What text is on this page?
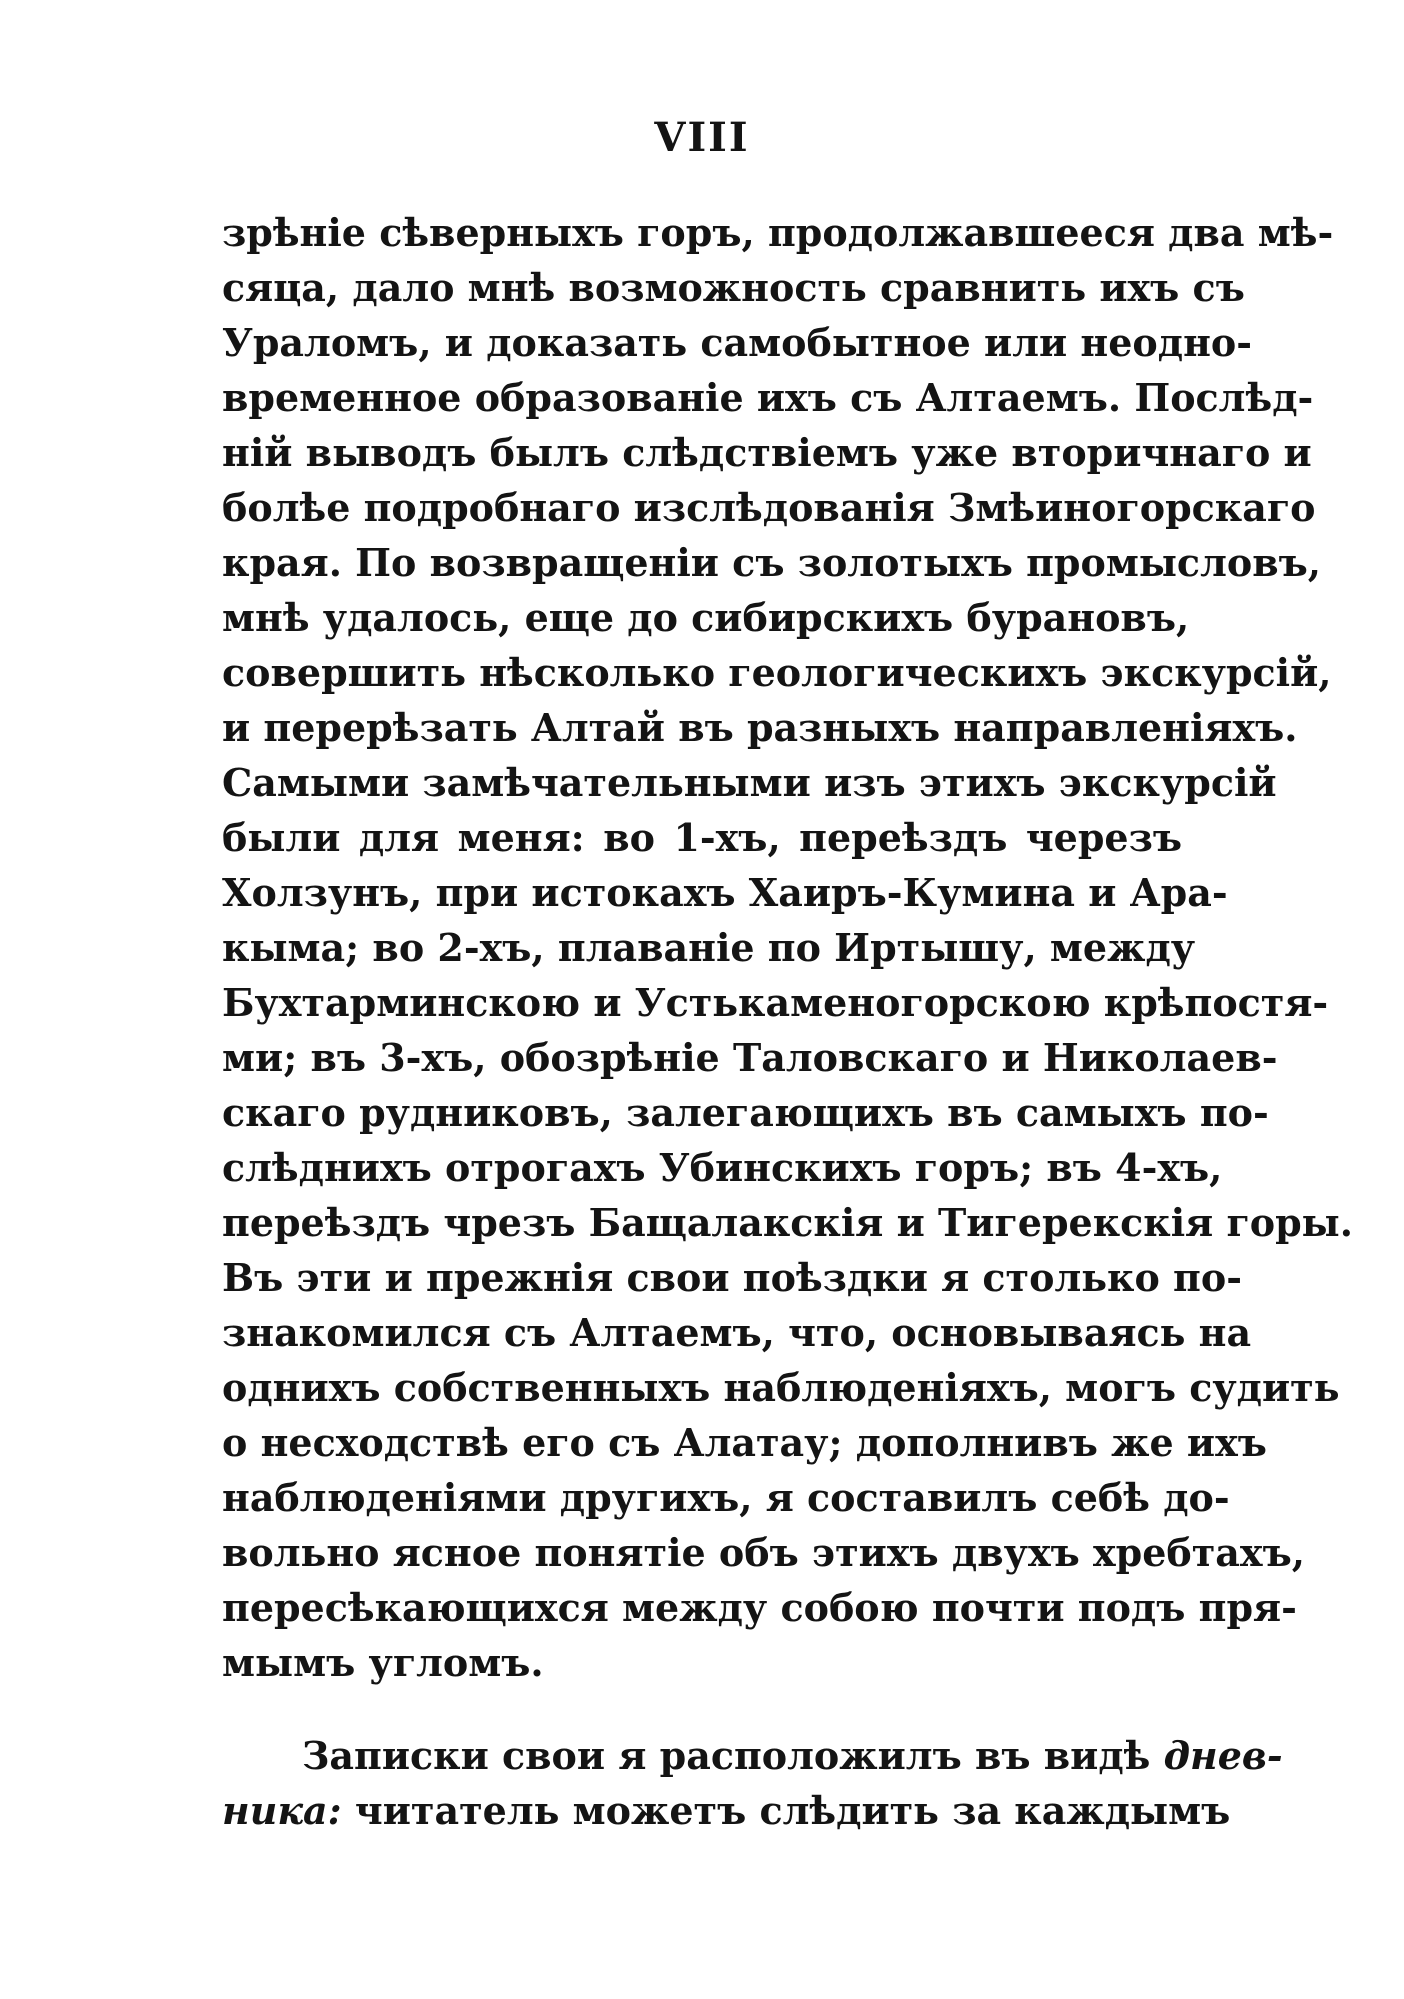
VIII
зрѣніе сѣверныхъ горъ, продолжавшееся два мѣ-
сяца, дало мнѣ возможность сравнить ихъ съ
Ураломъ, и доказать самобытное или неодно-
временное образованіе ихъ съ Алтаемъ. Послѣд-
ній выводъ былъ слѣдствіемъ уже вторичнаго и
болѣе подробнаго изслѣдованія Змѣиногорскаго
края. По возвращеніи съ золотыхъ промысловъ,
мнѣ удалось, еще до сибирскихъ бурановъ,
совершить нѣсколько геологическихъ экскурсій,
и перерѣзать Алтай въ разныхъ направленіяхъ.
Самыми замѣчательными изъ этихъ экскурсій
были для меня: во 1-хъ, переѣздъ черезъ
Холзунъ, при истокахъ Хаиръ-Кумина и Ара-
кыма; во 2-хъ, плаваніе по Иртышу, между
Бухтарминскою и Устькаменогорскою крѣпостя-
ми; въ 3-хъ, обозрѣніе Таловскаго и Николаев-
скаго рудниковъ, залегающихъ въ самыхъ по-
слѣднихъ отрогахъ Убинскихъ горъ; въ 4-хъ,
переѣздъ чрезъ Бащалакскія и Тигерекскія горы.
Въ эти и прежнія свои поѣздки я столько по-
знакомился съ Алтаемъ, что, основываясь на
однихъ собственныхъ наблюденіяхъ, могъ судить
о несходствѣ его съ Алатау; дополнивъ же ихъ
наблюденіями другихъ, я составилъ себѣ до-
вольно ясное понятіе объ этихъ двухъ хребтахъ,
пересѣкающихся между собою почти подъ пря-
мымъ угломъ.
Записки свои я расположилъ въ видѣ днев-
ника: читатель можетъ слѣдить за каждымъ
